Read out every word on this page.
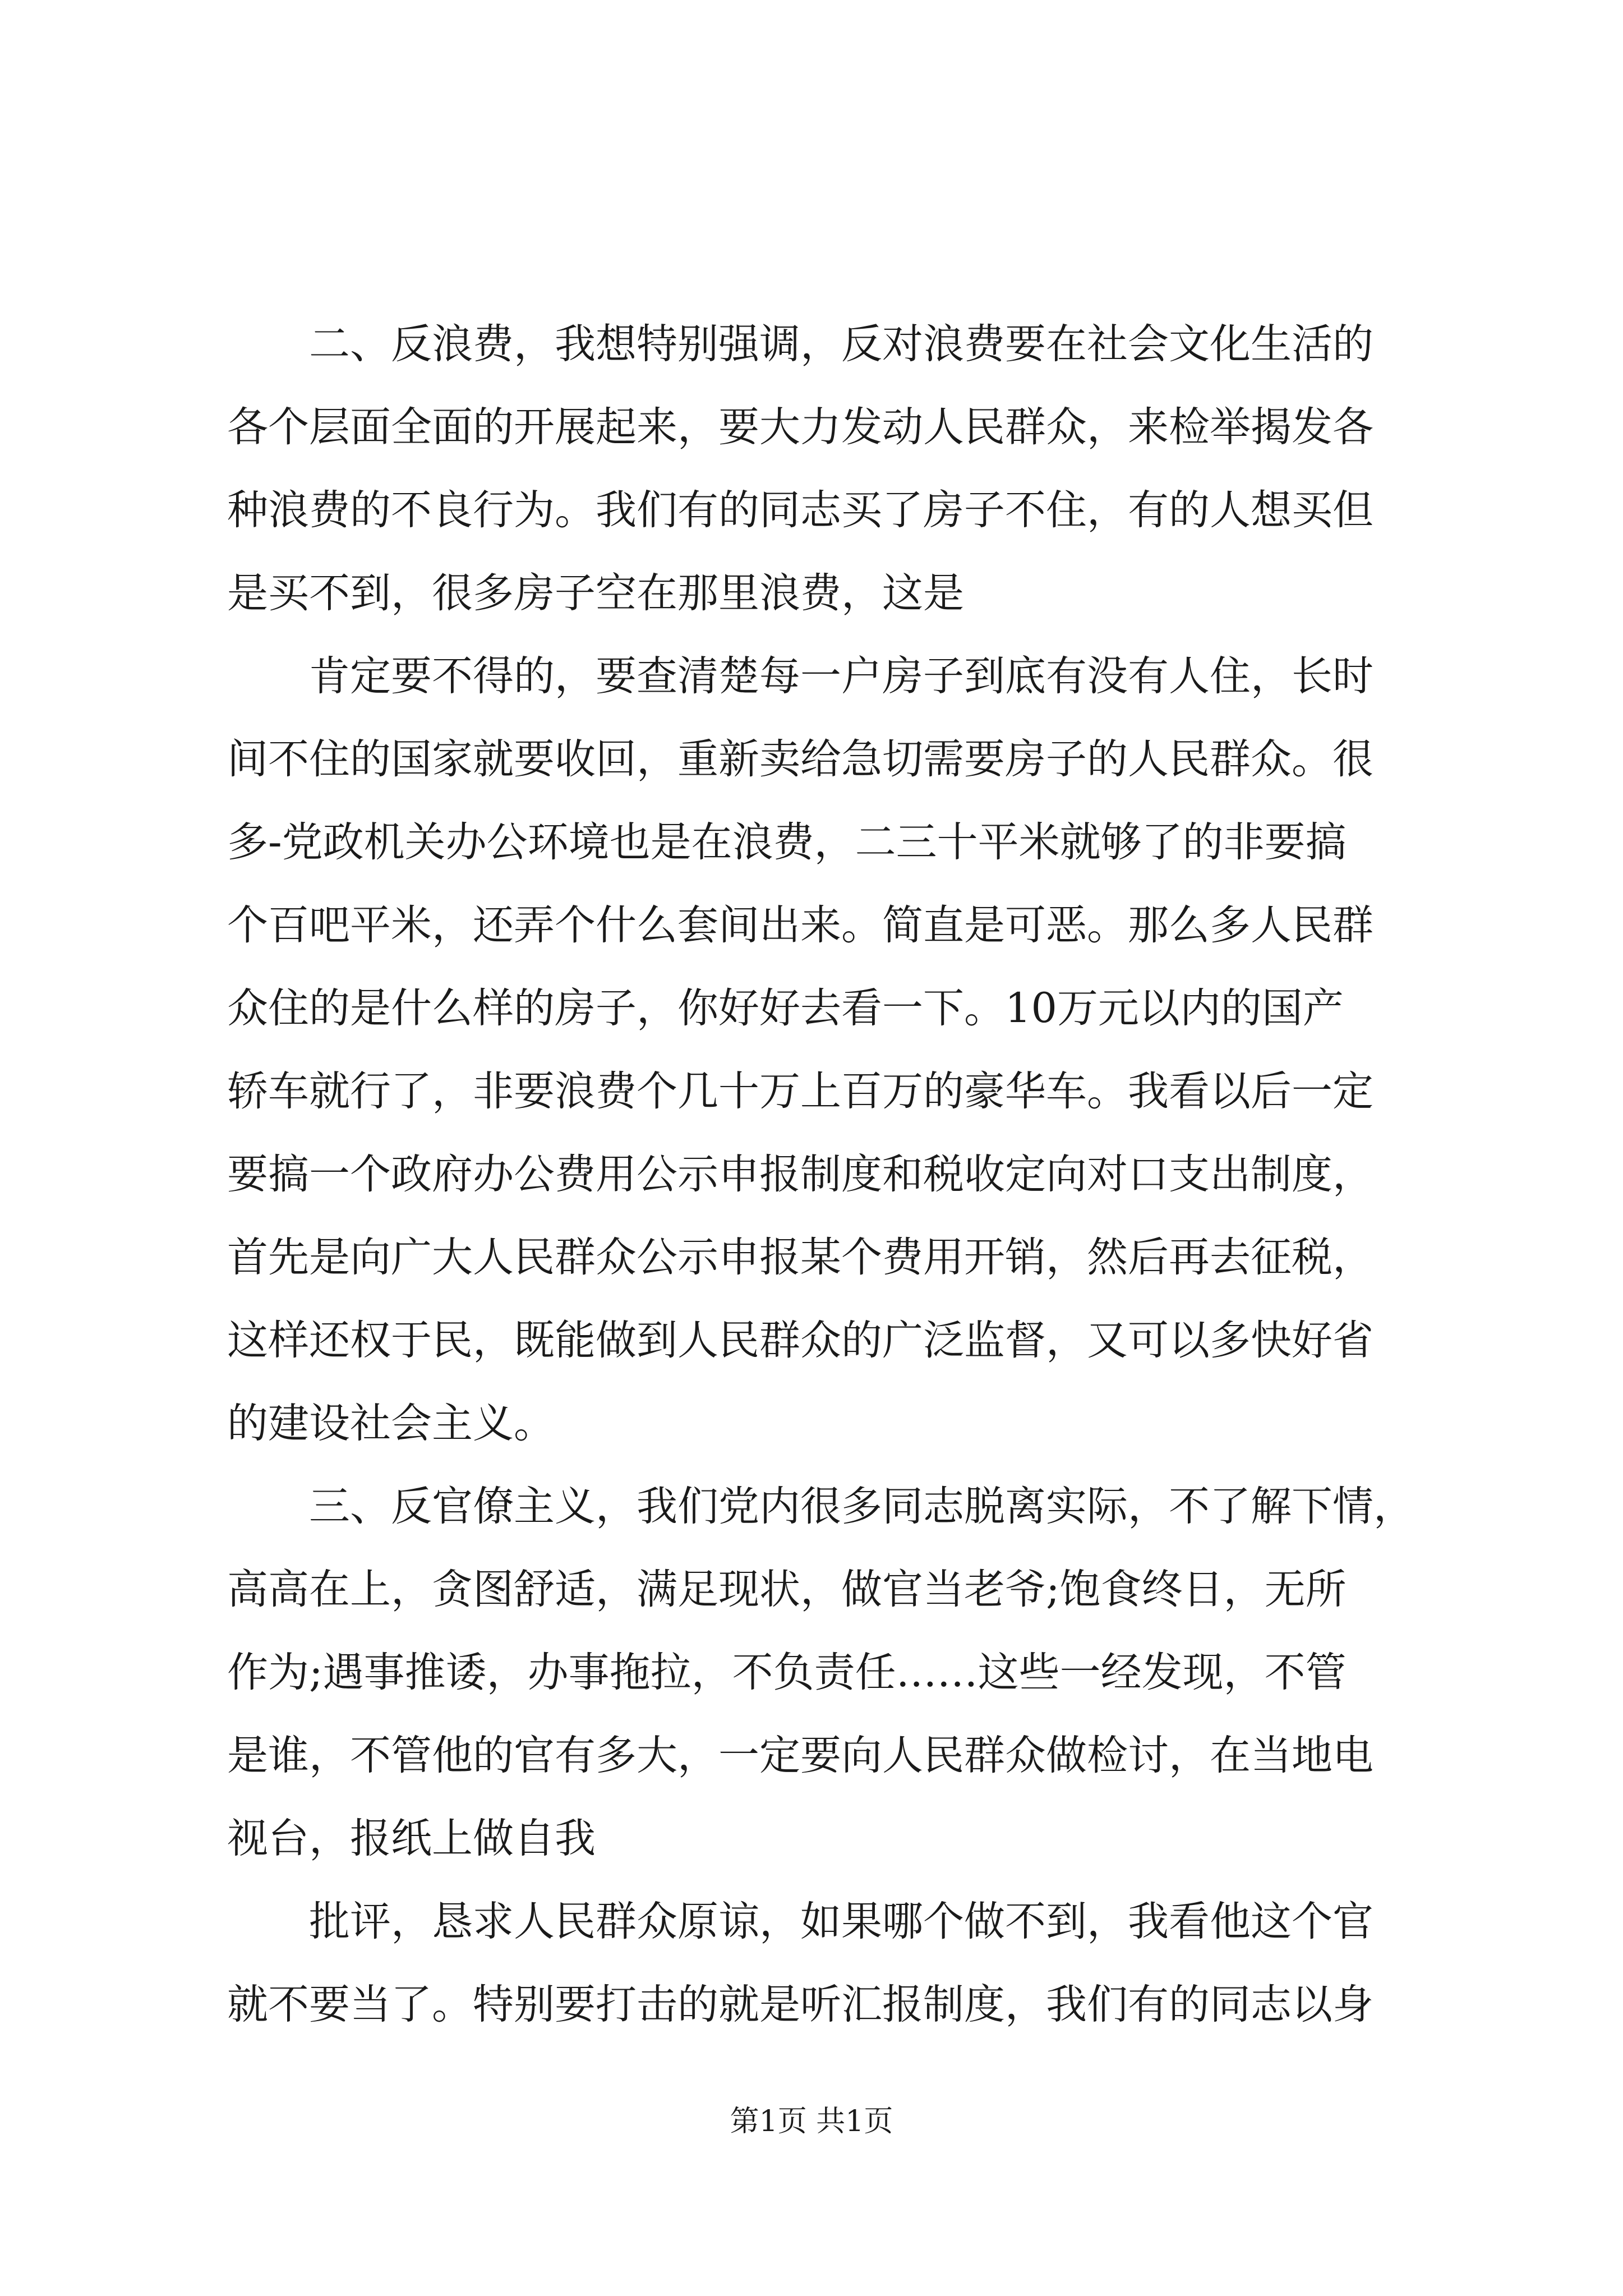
二、反浪费，我想特别强调，反对浪费要在社会文化生活的
各个层面全面的开展起来，要大力发动人民群众，来检举揭发各
种浪费的不良行为。我们有的同志买了房子不住，有的人想买但
是买不到，很多房子空在那里浪费，这是

肯定要不得的，要查清楚每一户房子到底有没有人住，长时
间不住的国家就要收回，重新卖给急切需要房子的人民群众。很
多-党政机关办公环境也是在浪费，二三十平米就够了的非要搞
个百吧平米，还弄个什么套间出来。简直是可恶。那么多人民群
众住的是什么样的房子，你好好去看一下。10万元以内的国产
轿车就行了，非要浪费个几十万上百万的豪华车。我看以后一定
要搞一个政府办公费用公示申报制度和税收定向对口支出制度，
首先是向广大人民群众公示申报某个费用开销，然后再去征税，
这样还权于民，既能做到人民群众的广泛监督，又可以多快好省
的建设社会主义。

三、反官僚主义，我们党内很多同志脱离实际，不了解下情，
高高在上，贪图舒适，满足现状，做官当老爷;饱食终日，无所
作为;遇事推诿，办事拖拉，不负责任……这些一经发现，不管
是谁，不管他的官有多大，一定要向人民群众做检讨，在当地电
视台，报纸上做自我

批评，恳求人民群众原谅，如果哪个做不到，我看他这个官
就不要当了。特别要打击的就是听汇报制度，我们有的同志以身

第1页 共1页
